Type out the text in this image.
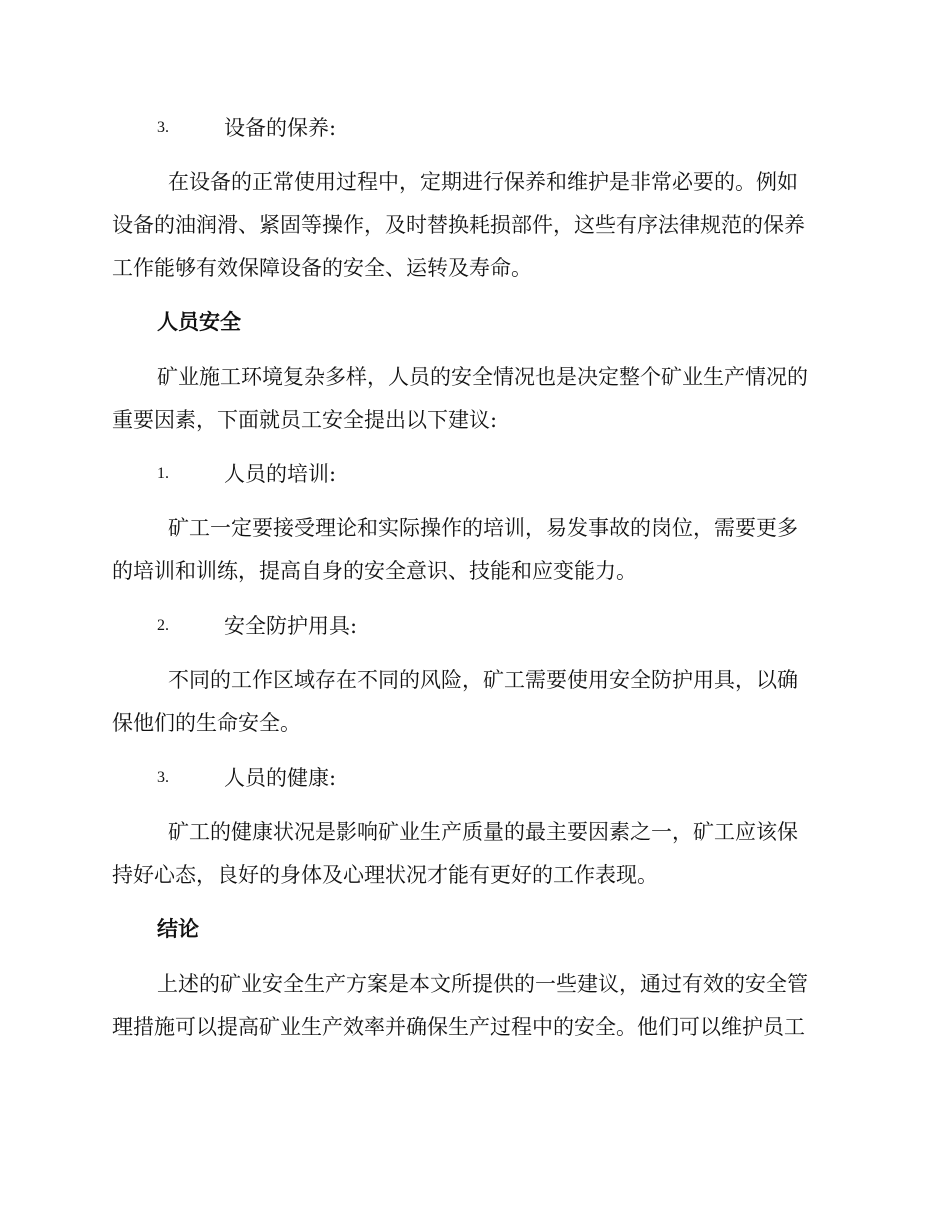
3.	设备的保养:
在设备的正常使用过程中，定期进行保养和维护是非常必要的。例如
设备的油润滑、紧固等操作，及时替换耗损部件，这些有序法律规范的保养
工作能够有效保障设备的安全、运转及寿命。
人员安全
矿业施工环境复杂多样，人员的安全情况也是决定整个矿业生产情况的
重要因素，下面就员工安全提出以下建议:
1.	人员的培训:
矿工一定要接受理论和实际操作的培训，易发事故的岗位，需要更多
的培训和训练，提高自身的安全意识、技能和应变能力。
2.	安全防护用具:
不同的工作区域存在不同的风险，矿工需要使用安全防护用具，以确
保他们的生命安全。
3.	人员的健康:
矿工的健康状况是影响矿业生产质量的最主要因素之一，矿工应该保
持好心态，良好的身体及心理状况才能有更好的工作表现。
结论
上述的矿业安全生产方案是本文所提供的一些建议，通过有效的安全管
理措施可以提高矿业生产效率并确保生产过程中的安全。他们可以维护员工
